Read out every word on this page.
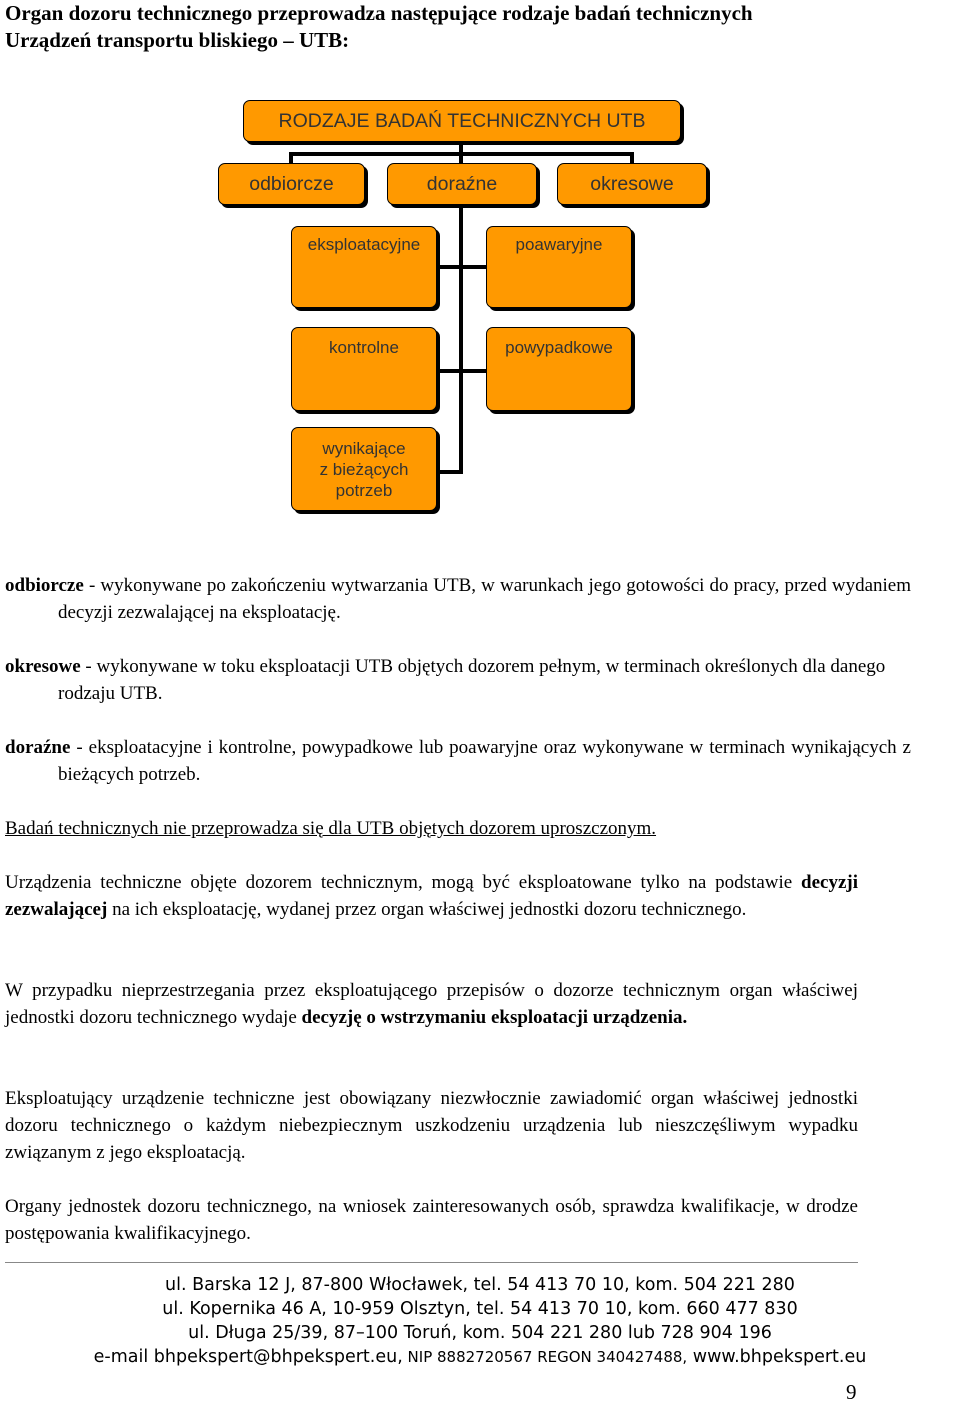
Organ dozoru technicznego przeprowadza następujące rodzaje badań technicznych
Urządzeń transportu bliskiego – UTB:
RODZAJE BADAŃ TECHNICZNYCH UTB
odbiorcze	doraźne	okresowe
eksploatacyjne	poawaryjne
kontrolne	powypadkowe
wynikające z bieżących potrzeb
odbiorcze - wykonywane po zakończeniu wytwarzania UTB, w warunkach jego gotowości do pracy, przed wydaniem decyzji zezwalającej na eksploatację.
okresowe - wykonywane w toku eksploatacji UTB objętych dozorem pełnym, w terminach określonych dla danego rodzaju UTB.
doraźne - eksploatacyjne i kontrolne, powypadkowe lub poawaryjne oraz wykonywane w terminach wynikających z bieżących potrzeb.
Badań technicznych nie przeprowadza się dla UTB objętych dozorem uproszczonym.
Urządzenia techniczne objęte dozorem technicznym, mogą być eksploatowane tylko na podstawie decyzji zezwalającej na ich eksploatację, wydanej przez organ właściwej jednostki dozoru technicznego.
W przypadku nieprzestrzegania przez eksploatującego przepisów o dozorze technicznym organ właściwej jednostki dozoru technicznego wydaje decyzję o wstrzymaniu eksploatacji urządzenia.
Eksploatujący urządzenie techniczne jest obowiązany niezwłocznie zawiadomić organ właściwej jednostki dozoru technicznego o każdym niebezpiecznym uszkodzeniu urządzenia lub nieszczęśliwym wypadku związanym z jego eksploatacją.
Organy jednostek dozoru technicznego, na wniosek zainteresowanych osób, sprawdza kwalifikacje, w drodze postępowania kwalifikacyjnego.
ul. Barska 12 J, 87-800 Włocławek, tel. 54 413 70 10, kom. 504 221 280
ul. Kopernika 46 A, 10-959 Olsztyn, tel. 54 413 70 10, kom. 660 477 830
ul. Długa 25/39, 87–100 Toruń, kom. 504 221 280 lub 728 904 196
e-mail bhpekspert@bhpekspert.eu, NIP 8882720567 REGON 340427488, www.bhpekspert.eu
9
